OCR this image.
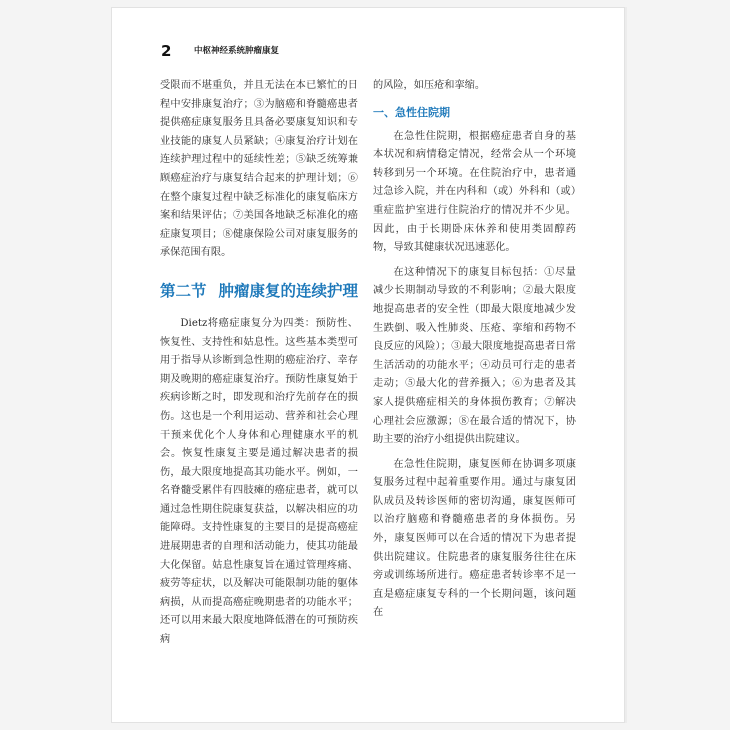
2	中枢神经系统肿瘤康复

受限而不堪重负，并且无法在本已繁忙的日程中安排康复治疗；③为脑癌和脊髓癌患者提供癌症康复服务且具备必要康复知识和专业技能的康复人员紧缺；④康复治疗计划在连续护理过程中的延续性差；⑤缺乏统筹兼顾癌症治疗与康复结合起来的护理计划；⑥在整个康复过程中缺乏标准化的康复临床方案和结果评估；⑦美国各地缺乏标准化的癌症康复项目；⑧健康保险公司对康复服务的承保范围有限。

第二节 肿瘤康复的连续护理

Dietz将癌症康复分为四类：预防性、恢复性、支持性和姑息性。这些基本类型可用于指导从诊断到急性期的癌症治疗、幸存期及晚期的癌症康复治疗。预防性康复始于疾病诊断之时，即发现和治疗先前存在的损伤。这也是一个利用运动、营养和社会心理干预来优化个人身体和心理健康水平的机会。恢复性康复主要是通过解决患者的损伤，最大限度地提高其功能水平。例如，一名脊髓受累伴有四肢瘫的癌症患者，就可以通过急性期住院康复获益，以解决相应的功能障碍。支持性康复的主要目的是提高癌症进展期患者的自理和活动能力，使其功能最大化保留。姑息性康复旨在通过管理疼痛、疲劳等症状，以及解决可能限制功能的躯体病损，从而提高癌症晚期患者的功能水平；还可以用来最大限度地降低潜在的可预防疾病

的风险，如压疮和挛缩。

一、急性住院期

在急性住院期，根据癌症患者自身的基本状况和病情稳定情况，经常会从一个环境转移到另一个环境。在住院治疗中，患者通过急诊入院，并在内科和（或）外科和（或）重症监护室进行住院治疗的情况并不少见。因此，由于长期卧床休养和使用类固醇药物，导致其健康状况迅速恶化。

在这种情况下的康复目标包括：①尽量减少长期制动导致的不利影响；②最大限度地提高患者的安全性（即最大限度地减少发生跌倒、吸入性肺炎、压疮、挛缩和药物不良反应的风险）；③最大限度地提高患者日常生活活动的功能水平；④动员可行走的患者走动；⑤最大化的营养摄入；⑥为患者及其家人提供癌症相关的身体损伤教育；⑦解决心理社会应激源；⑧在最合适的情况下，协助主要的治疗小组提供出院建议。

在急性住院期，康复医师在协调多项康复服务过程中起着重要作用。通过与康复团队成员及转诊医师的密切沟通，康复医师可以治疗脑癌和脊髓癌患者的身体损伤。另外，康复医师可以在合适的情况下为患者提供出院建议。住院患者的康复服务往往在床旁或训练场所进行。癌症患者转诊率不足一直是癌症康复专科的一个长期问题，该问题在
